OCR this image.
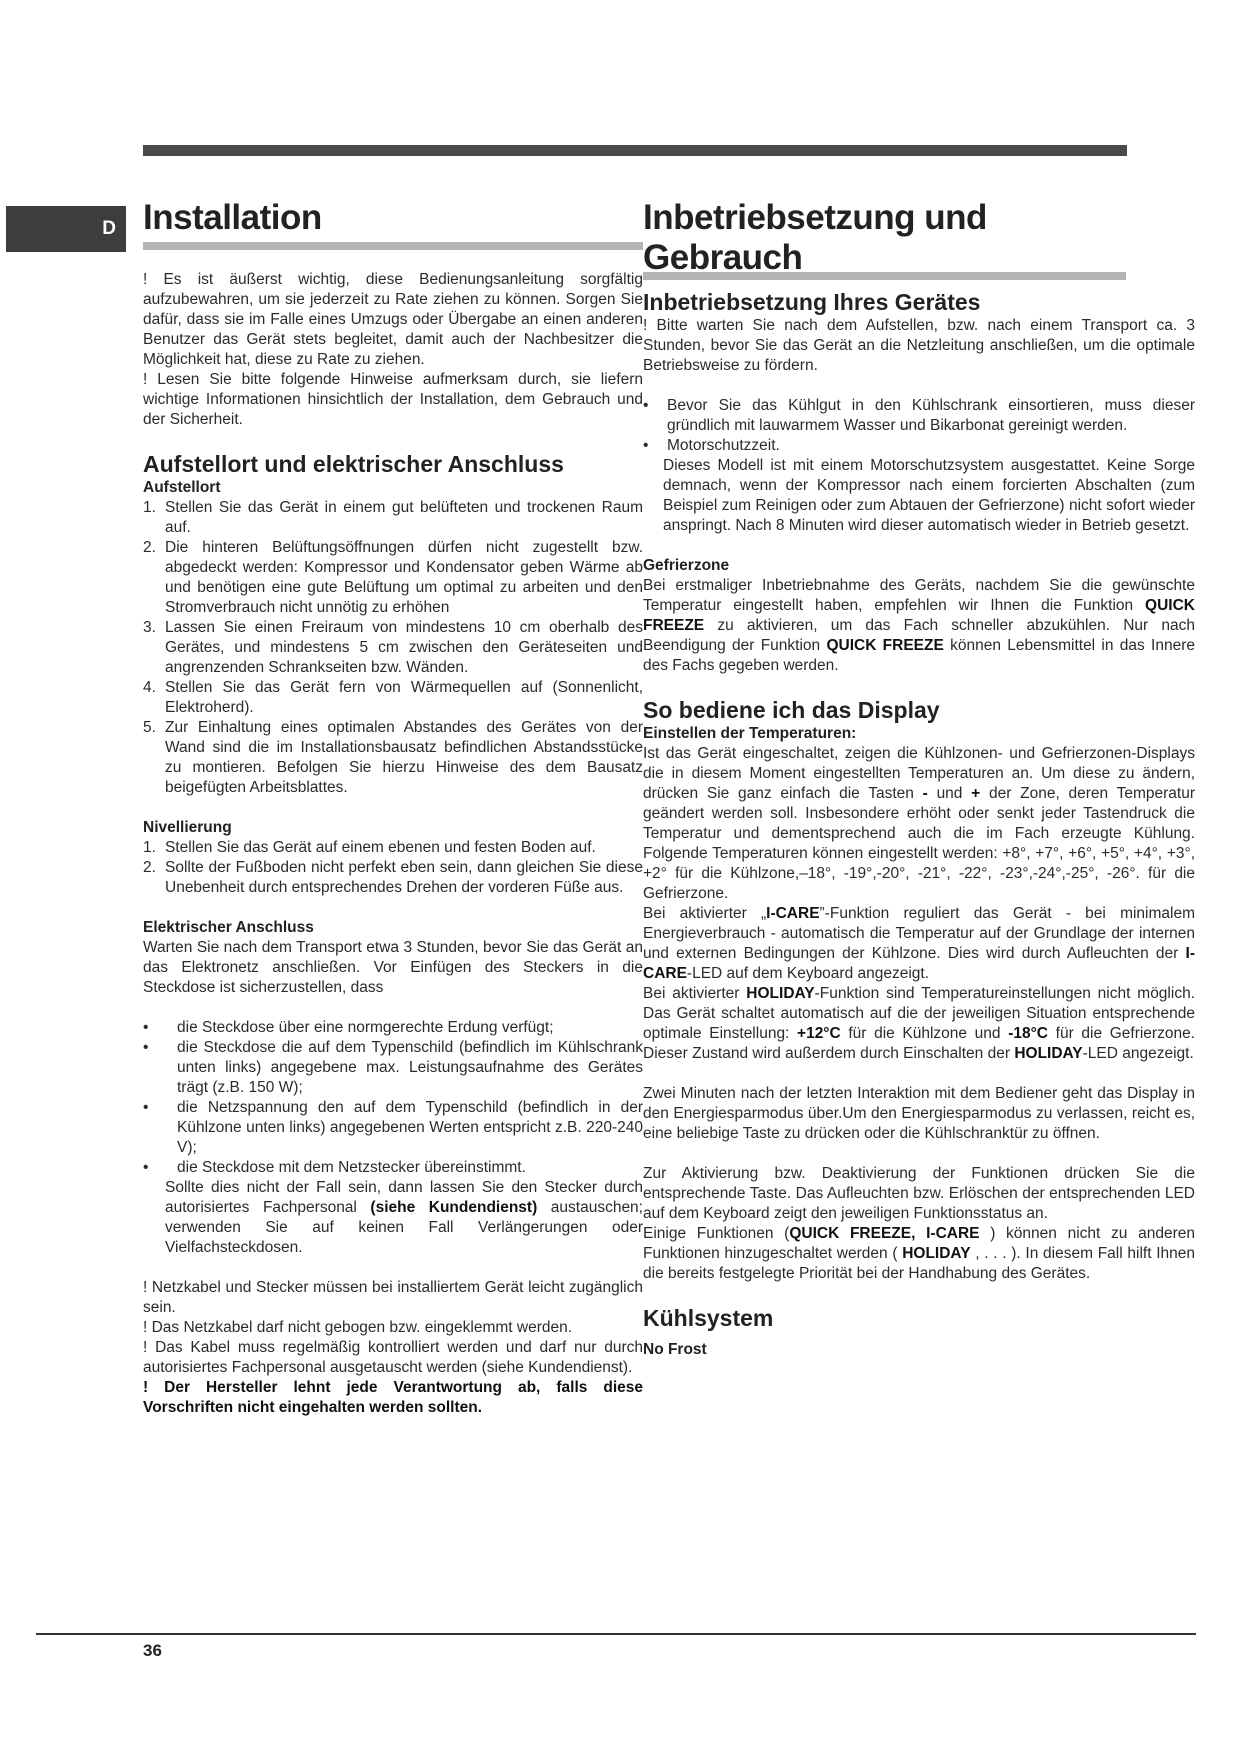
D Installation

! Es ist äußerst wichtig, diese Bedienungsanleitung sorgfältig aufzubewahren, um sie jederzeit zu Rate ziehen zu können. Sorgen Sie dafür, dass sie im Falle eines Umzugs oder Übergabe an einen anderen Benutzer das Gerät stets begleitet, damit auch der Nachbesitzer die Möglichkeit hat, diese zu Rate zu ziehen.

! Lesen Sie bitte folgende Hinweise aufmerksam durch, sie liefern wichtige Informationen hinsichtlich der Installation, dem Gebrauch und der Sicherheit.

Aufstellort und elektrischer Anschluss
Aufstellort
1. Stellen Sie das Gerät in einem gut belüfteten und trockenen Raum auf.
2. Die hinteren Belüftungsöffnungen dürfen nicht zugestellt bzw. abgedeckt werden: Kompressor und Kondensator geben Wärme ab und benötigen eine gute Belüftung um optimal zu arbeiten und den Stromverbrauch nicht unnötig zu erhöhen
3. Lassen Sie einen Freiraum von mindestens 10 cm oberhalb des Gerätes, und mindestens 5 cm zwischen den Geräteseiten und angrenzenden Schrankseiten bzw. Wänden.
4. Stellen Sie das Gerät fern von Wärmequellen auf (Sonnenlicht, Elektroherd).
5. Zur Einhaltung eines optimalen Abstandes des Gerätes von der Wand sind die im Installationsbausatz befindlichen Abstandsstücke zu montieren. Befolgen Sie hierzu Hinweise des dem Bausatz beigefügten Arbeitsblattes.
Nivellierung
1. Stellen Sie das Gerät auf einem ebenen und festen Boden auf.
2. Sollte der Fußboden nicht perfekt eben sein, dann gleichen Sie diese Unebenheit durch entsprechendes Drehen der vorderen Füße aus.
Elektrischer Anschluss

Warten Sie nach dem Transport etwa 3 Stunden, bevor Sie das Gerät an das Elektronetz anschließen. Vor Einfügen des Steckers in die Steckdose ist sicherzustellen, dass

• die Steckdose über eine normgerechte Erdung verfügt;
• die Steckdose die auf dem Typenschild (befindlich im Kühlschrank unten links) angegebene max. Leistungsaufnahme des Gerätes trägt (z.B. 150 W);
• die Netzspannung den auf dem Typenschild (befindlich in der Kühlzone unten links) angegebenen Werten entspricht z.B. 220-240 V);
• die Steckdose mit dem Netzstecker übereinstimmt.

Sollte dies nicht der Fall sein, dann lassen Sie den Stecker durch autorisiertes Fachpersonal (siehe Kundendienst) austauschen; verwenden Sie auf keinen Fall Verlängerungen oder Vielfachsteckdosen.

! Netzkabel und Stecker müssen bei installiertem Gerät leicht zugänglich sein.

! Das Netzkabel darf nicht gebogen bzw. eingeklemmt werden.

! Das Kabel muss regelmäßig kontrolliert werden und darf nur durch autorisiertes Fachpersonal ausgetauscht werden (siehe Kundendienst).

! Der Hersteller lehnt jede Verantwortung ab, falls diese Vorschriften nicht eingehalten werden sollten.

Inbetriebsetzung und
Gebrauch
Inbetriebsetzung Ihres Gerätes

! Bitte warten Sie nach dem Aufstellen, bzw. nach einem Transport ca. 3 Stunden, bevor Sie das Gerät an die Netzleitung anschließen, um die optimale Betriebsweise zu fördern.

• Bevor Sie das Kühlgut in den Kühlschrank einsortieren, muss dieser gründlich mit lauwarmem Wasser und Bikarbonat gereinigt werden.
• Motorschutzzeit.

Dieses Modell ist mit einem Motorschutzsystem ausgestattet. Keine Sorge demnach, wenn der Kompressor nach einem forcierten Abschalten (zum Beispiel zum Reinigen oder zum Abtauen der Gefrierzone) nicht sofort wieder anspringt. Nach 8 Minuten wird dieser automatisch wieder in Betrieb gesetzt.

Gefrierzone

Bei erstmaliger Inbetriebnahme des Geräts, nachdem Sie die gewünschte Temperatur eingestellt haben, empfehlen wir Ihnen die Funktion QUICK FREEZE zu aktivieren, um das Fach schneller abzukühlen. Nur nach Beendigung der Funktion QUICK FREEZE können Lebensmittel in das Innere des Fachs gegeben werden.

So bediene ich das Display
Einstellen der Temperaturen:

Ist das Gerät eingeschaltet, zeigen die Kühlzonen- und Gefrierzonen-Displays die in diesem Moment eingestellten Temperaturen an. Um diese zu ändern, drücken Sie ganz einfach die Tasten - und + der Zone, deren Temperatur geändert werden soll. Insbesondere erhöht oder senkt jeder Tastendruck die Temperatur und dementsprechend auch die im Fach erzeugte Kühlung. Folgende Temperaturen können eingestellt werden: +8°, +7°, +6°, +5°, +4°, +3°, +2° für die Kühlzone,–18°, -19°,-20°, -21°, -22°, -23°,-24°,-25°, -26°. für die Gefrierzone.

Bei aktivierter „I-CARE”-Funktion reguliert das Gerät - bei minimalem Energieverbrauch - automatisch die Temperatur auf der Grundlage der internen und externen Bedingungen der Kühlzone. Dies wird durch Aufleuchten der I-CARE-LED auf dem Keyboard angezeigt.

Bei aktivierter HOLIDAY-Funktion sind Temperatureinstellungen nicht möglich. Das Gerät schaltet automatisch auf die der jeweiligen Situation entsprechende optimale Einstellung: +12°C für die Kühlzone und -18°C für die Gefrierzone. Dieser Zustand wird außerdem durch Einschalten der HOLIDAY-LED angezeigt.

Zwei Minuten nach der letzten Interaktion mit dem Bediener geht das Display in den Energiesparmodus über.Um den Energiesparmodus zu verlassen, reicht es, eine beliebige Taste zu drücken oder die Kühlschranktür zu öffnen.

Zur Aktivierung bzw. Deaktivierung der Funktionen drücken Sie die entsprechende Taste. Das Aufleuchten bzw. Erlöschen der entsprechenden LED auf dem Keyboard zeigt den jeweiligen Funktionsstatus an.

Einige Funktionen (QUICK FREEZE, I-CARE ) können nicht zu anderen Funktionen hinzugeschaltet werden ( HOLIDAY , . . . ). In diesem Fall hilft Ihnen die bereits festgelegte Priorität bei der Handhabung des Gerätes.

Kühlsystem
No Frost
36
